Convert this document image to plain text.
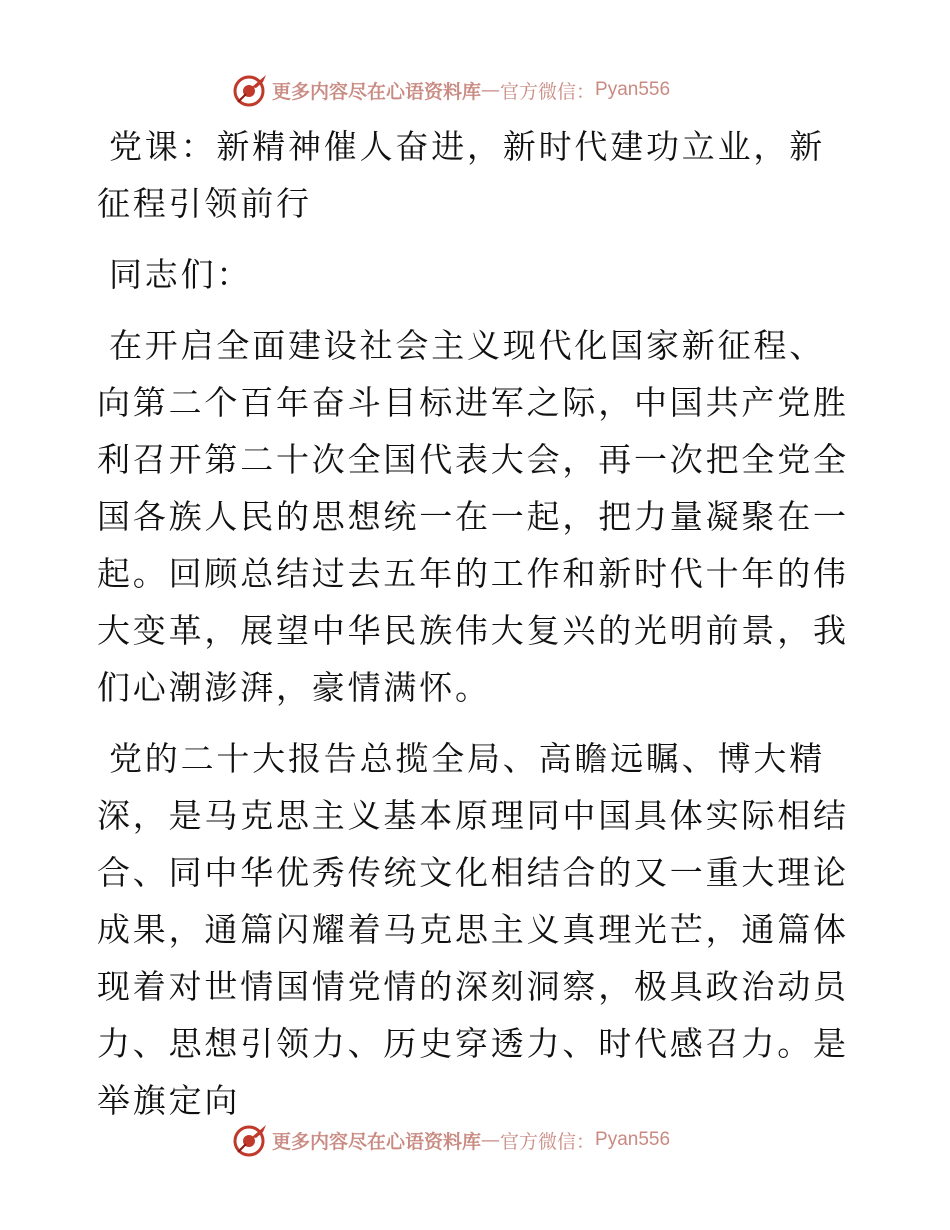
更多内容尽在心语资料库 — 官方微信： Pyan556
党课：新精神催人奋进，新时代建功立业，新征程引领前行

同志们：

在开启全面建设社会主义现代化国家新征程、向第二个百年奋斗目标进军之际，中国共产党胜利召开第二十次全国代表大会，再一次把全党全国各族人民的思想统一在一起，把力量凝聚在一起。回顾总结过去五年的工作和新时代十年的伟大变革，展望中华民族伟大复兴的光明前景，我们心潮澎湃，豪情满怀。

党的二十大报告总揽全局、高瞻远瞩、博大精深，是马克思主义基本原理同中国具体实际相结合、同中华优秀传统文化相结合的又一重大理论成果，通篇闪耀着马克思主义真理光芒，通篇体现着对世情国情党情的深刻洞察，极具政治动员力、思想引领力、历史穿透力、时代感召力。是举旗定向

更多内容尽在心语资料库 — 官方微信： Pyan556
